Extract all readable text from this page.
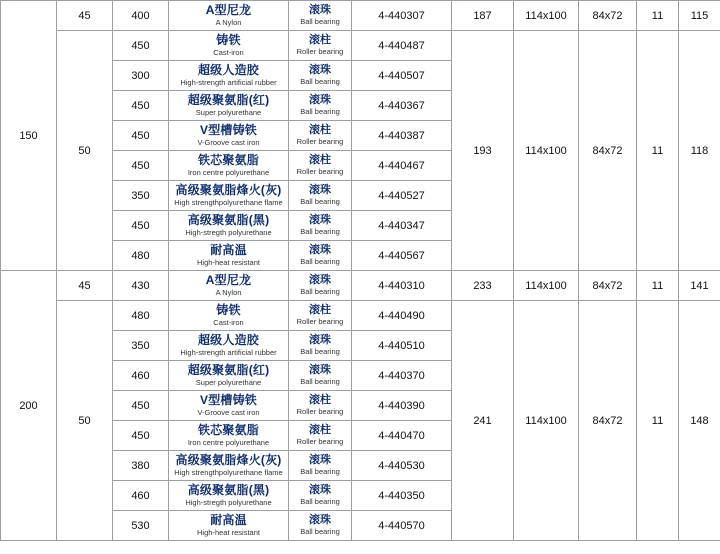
150	45	400	A型尼龙
A Nylon	滚珠
Ball bearing	4-440307	187	114x100	84x72	11	115
	50	450	铸铁
Cast-iron	滚柱
Roller bearing	4-440487	193	114x100	84x72	11	118
		300	超级人造胶
High-strength artificial rubber	滚珠
Ball bearing	4-440507					
		450	超级聚氨脂(红)
Super polyurethane	滚珠
Ball bearing	4-440367					
		450	V型槽铸铁
V-Groove cast iron	滚柱
Roller bearing	4-440387					
		450	铁芯聚氨脂
Iron centre polyurethane	滚柱
Roller bearing	4-440467					
		350	高级聚氨脂烽火(灰)
High strengthpolyurethane flame	滚珠
Ball bearing	4-440527					
		450	高级聚氨脂(黑)
High-stregth polyurethane	滚珠
Ball bearing	4-440347					
		480	耐高温
High-heat resistant	滚珠
Ball bearing	4-440567					
200	45	430	A型尼龙
A Nylon	滚珠
Ball bearing	4-440310	233	114x100	84x72	11	141
	50	480	铸铁
Cast-iron	滚柱
Roller bearing	4-440490	241	114x100	84x72	11	148
		350	超级人造胶
High-strength artificial rubber	滚珠
Ball bearing	4-440510					
		460	超级聚氨脂(红)
Super polyurethane	滚珠
Ball bearing	4-440370					
		450	V型槽铸铁
V-Groove cast iron	滚柱
Roller bearing	4-440390					
		450	铁芯聚氨脂
Iron centre polyurethane	滚柱
Roller bearing	4-440470					
		380	高级聚氨脂烽火(灰)
High strengthpolyurethane flame	滚珠
Ball bearing	4-440530					
		460	高级聚氨脂(黑)
High-stregth polyurethane	滚珠
Ball bearing	4-440350					
		530	耐高温
High-heat resistant	滚珠
Ball bearing	4-440570					
